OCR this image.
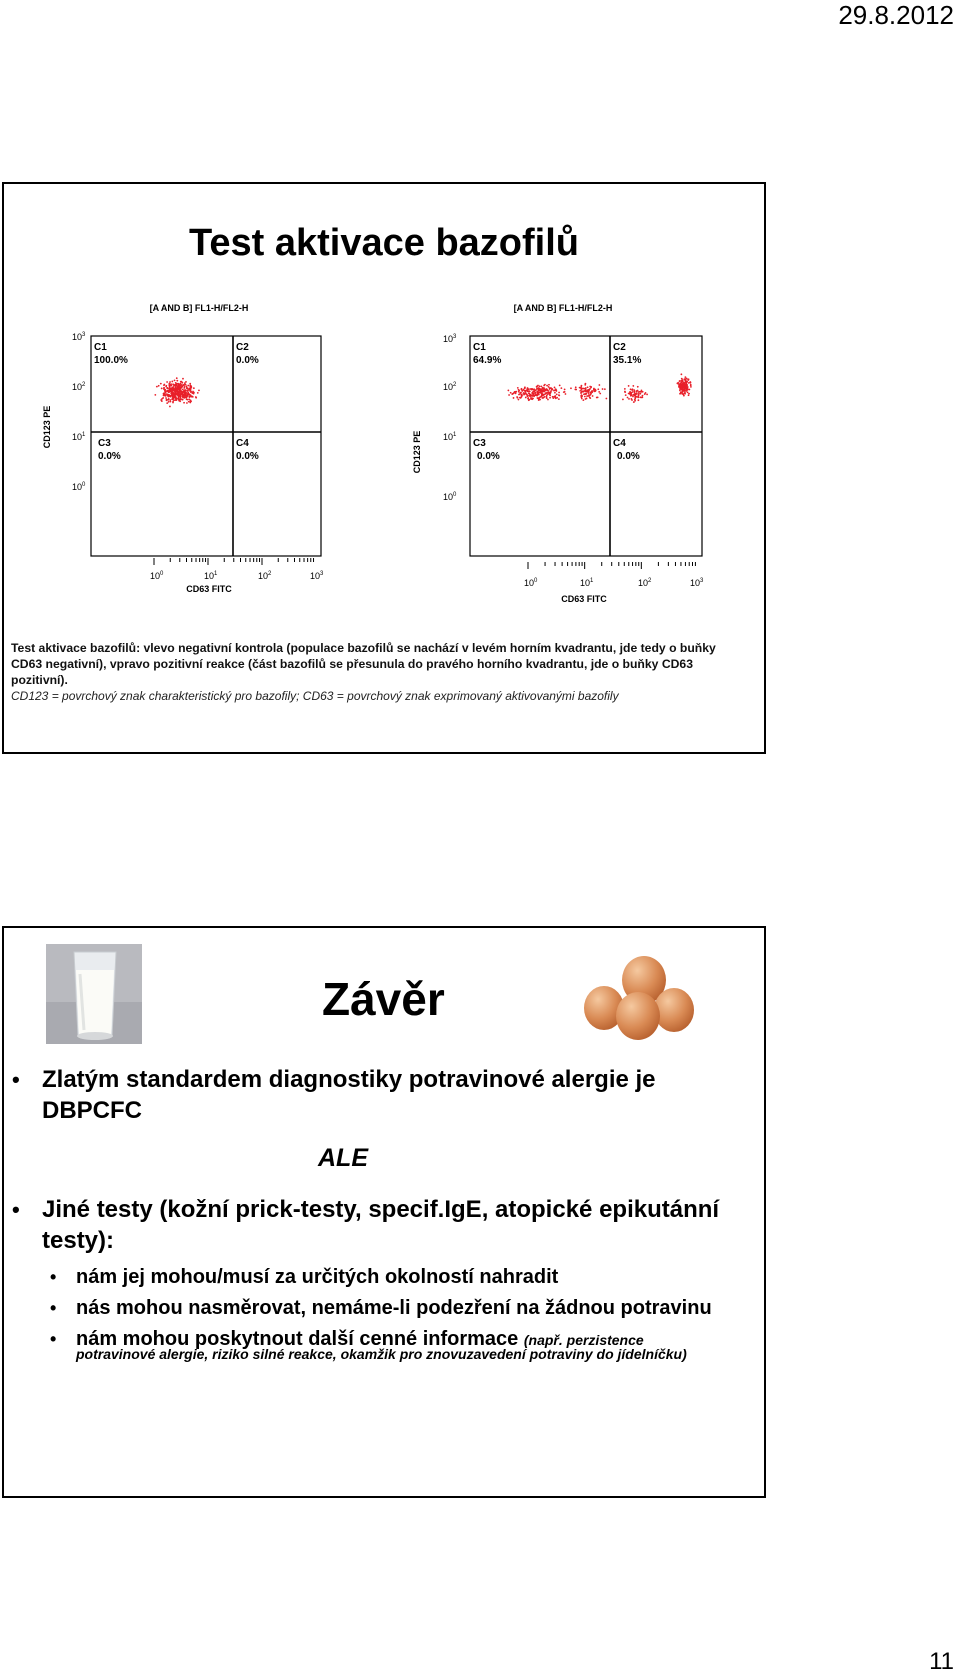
29.8.2012
Test aktivace bazofilů
[A AND B] FL1-H/FL2-H
CD123 PE
C1
100.0%
C2
0.0%
C3
0.0%
C4
0.0%
$10^3$
$10^2$
$10^1$
$10^0$
$10^0$	$10^1$	$10^2$	$10^3$
CD63 FITC
[A AND B] FL1-H/FL2-H
CD123 PE
C1
64.9%
C2
35.1%
C3
0.0%
C4
0.0%
$10^3$
$10^2$
$10^1$
$10^0$
$10^0$	$10^1$	$10^2$	$10^3$
CD63 FITC
Test aktivace bazofilů: vlevo negativní kontrola (populace bazofilů se nachází v levém horním kvadrantu, jde tedy o buňky
CD63 negativní), vpravo pozitivní reakce (část bazofilů se přesunula do pravého horního kvadrantu, jde o buňky CD63
pozitivní).
CD123 = povrchový znak charakteristický pro bazofily; CD63 = povrchový znak exprimovaný aktivovanými bazofily
Závěr
• Zlatým standardem diagnostiky potravinové alergie je
DBPCFC
ALE
• Jiné testy (kožní prick-testy, specif.IgE, atopické epikutánní
testy):
• nám jej mohou/musí za určitých okolností nahradit
• nás mohou nasměrovat, nemáme-li podezření na žádnou potravinu
• nám mohou poskytnout další cenné informace (např. perzistence
potravinové alergie, riziko silné reakce, okamžik pro znovuzavedení potraviny do jídelníčku)
11
